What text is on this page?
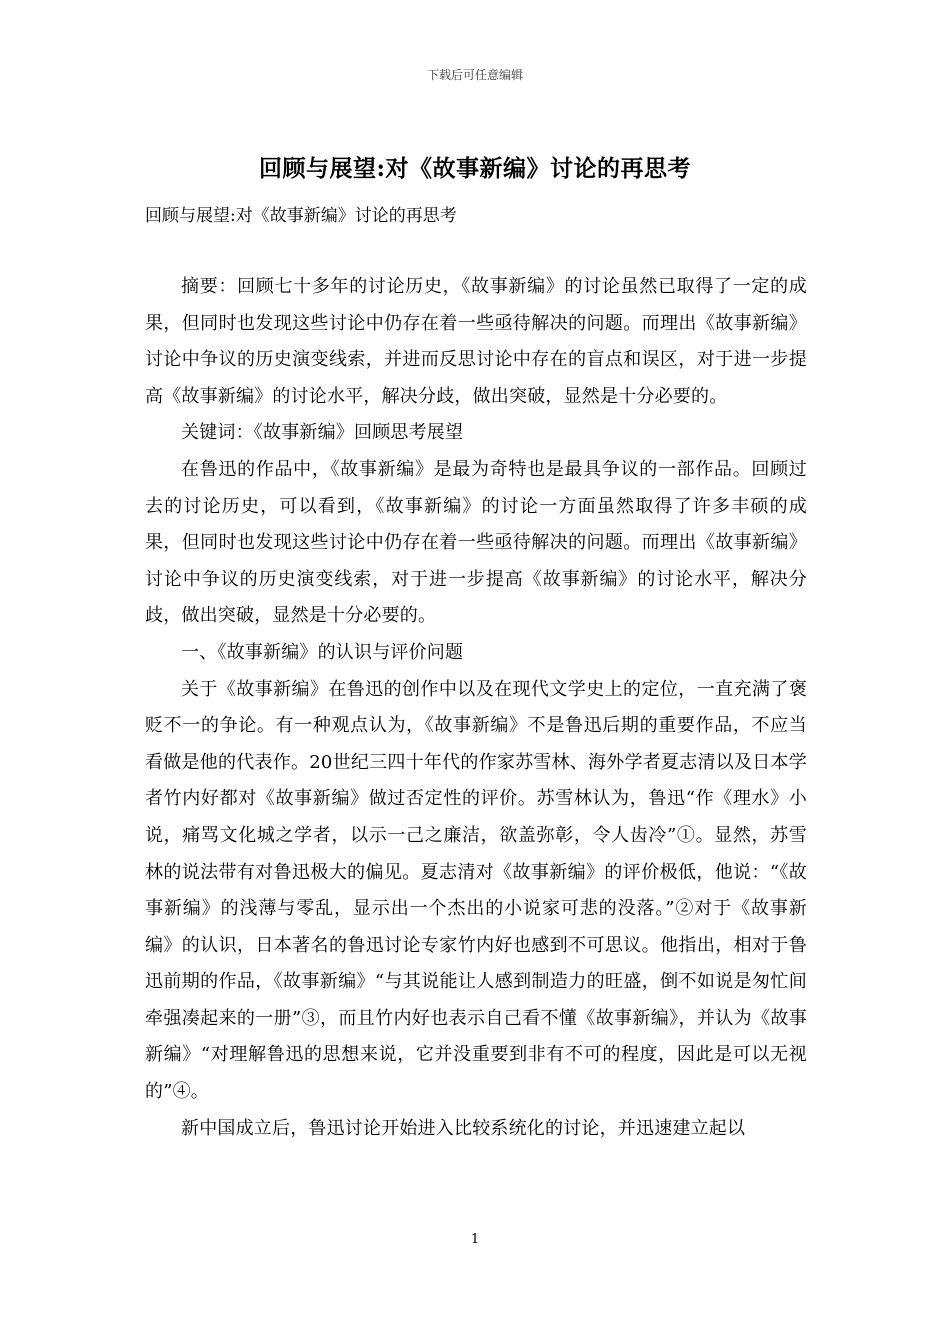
下载后可任意编辑
回顾与展望:对《故事新编》讨论的再思考
回顾与展望:对《故事新编》讨论的再思考

摘要：回顾七十多年的讨论历史，《故事新编》的讨论虽然已取得了一定的成果，但同时也发现这些讨论中仍存在着一些亟待解决的问题。而理出《故事新编》讨论中争议的历史演变线索，并进而反思讨论中存在的盲点和误区，对于进一步提高《故事新编》的讨论水平，解决分歧，做出突破，显然是十分必要的。

关键词：《故事新编》回顾思考展望

在鲁迅的作品中，《故事新编》是最为奇特也是最具争议的一部作品。回顾过去的讨论历史，可以看到，《故事新编》的讨论一方面虽然取得了许多丰硕的成果，但同时也发现这些讨论中仍存在着一些亟待解决的问题。而理出《故事新编》讨论中争议的历史演变线索，对于进一步提高《故事新编》的讨论水平，解决分歧，做出突破，显然是十分必要的。

一、《故事新编》的认识与评价问题

关于《故事新编》在鲁迅的创作中以及在现代文学史上的定位，一直充满了褒贬不一的争论。有一种观点认为，《故事新编》不是鲁迅后期的重要作品，不应当看做是他的代表作。20世纪三四十年代的作家苏雪林、海外学者夏志清以及日本学者竹内好都对《故事新编》做过否定性的评价。苏雪林认为，鲁迅“作《理水》小说，痛骂文化城之学者，以示一己之廉洁，欲盖弥彰，令人齿冷”①。显然，苏雪林的说法带有对鲁迅极大的偏见。夏志清对《故事新编》的评价极低，他说：“《故事新编》的浅薄与零乱，显示出一个杰出的小说家可悲的没落。”②对于《故事新编》的认识，日本著名的鲁迅讨论专家竹内好也感到不可思议。他指出，相对于鲁迅前期的作品，《故事新编》“与其说能让人感到制造力的旺盛，倒不如说是匆忙间牵强凑起来的一册”③，而且竹内好也表示自己看不懂《故事新编》，并认为《故事新编》“对理解鲁迅的思想来说，它并没重要到非有不可的程度，因此是可以无视的”④。

新中国成立后，鲁迅讨论开始进入比较系统化的讨论，并迅速建立起以

1
